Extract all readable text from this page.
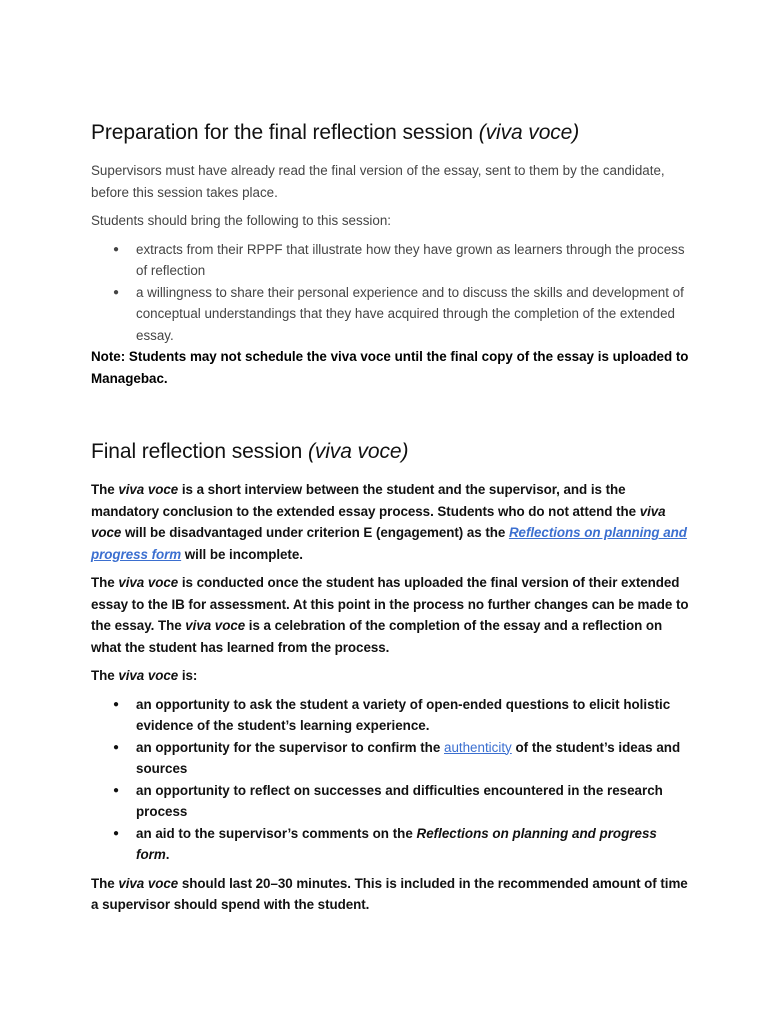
Preparation for the final reflection session (viva voce)

Supervisors must have already read the final version of the essay, sent to them by the candidate, before this session takes place.

Students should bring the following to this session:

● extracts from their RPPF that illustrate how they have grown as learners through the process of reflection
● a willingness to share their personal experience and to discuss the skills and development of conceptual understandings that they have acquired through the completion of the extended essay.

Note: Students may not schedule the viva voce until the final copy of the essay is uploaded to Managebac.

Final reflection session (viva voce)

The viva voce is a short interview between the student and the supervisor, and is the mandatory conclusion to the extended essay process. Students who do not attend the viva voce will be disadvantaged under criterion E (engagement) as the Reflections on planning and progress form will be incomplete.

The viva voce is conducted once the student has uploaded the final version of their extended essay to the IB for assessment. At this point in the process no further changes can be made to the essay. The viva voce is a celebration of the completion of the essay and a reflection on what the student has learned from the process.

The viva voce is:

● an opportunity to ask the student a variety of open-ended questions to elicit holistic evidence of the student’s learning experience.
● an opportunity for the supervisor to confirm the authenticity of the student’s ideas and sources
● an opportunity to reflect on successes and difficulties encountered in the research process
● an aid to the supervisor’s comments on the Reflections on planning and progress form.

The viva voce should last 20–30 minutes. This is included in the recommended amount of time a supervisor should spend with the student.
